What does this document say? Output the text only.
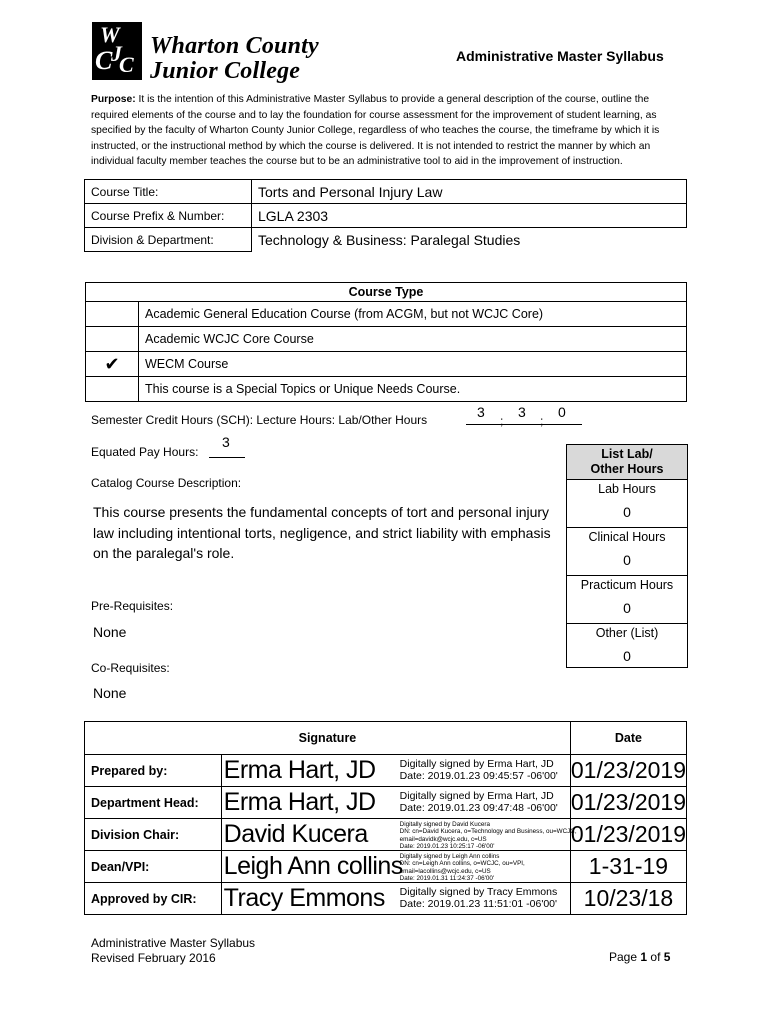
W
C
J
C
Wharton County
Junior College
Administrative Master Syllabus
Purpose: It is the intention of this Administrative Master Syllabus to provide a general description of the course, outline the required elements of the course and to lay the foundation for course assessment for the improvement of student learning, as specified by the faculty of Wharton County Junior College, regardless of who teaches the course, the timeframe by which it is instructed, or the instructional method by which the course is delivered. It is not intended to restrict the manner by which an individual faculty member teaches the course but to be an administrative tool to aid in the improvement of instruction.
Course Title:	Torts and Personal Injury Law
Course Prefix & Number:	LGLA 2303
Division & Department:	Technology & Business: Paralegal Studies
Course Type	
	Academic General Education Course (from ACGM, but not WCJC Core)
	Academic WCJC Core Course
✔	WECM Course
	This course is a Special Topics or Unique Needs Course.
Semester Credit Hours (SCH): Lecture Hours: Lab/Other Hours	3
;
3
;
0
Equated Pay Hours:
3
Catalog Course Description:
This course presents the fundamental concepts of tort and personal injury law including intentional torts, negligence, and strict liability with emphasis on the paralegal's role.
Pre-Requisites:
None
Co-Requisites:
None
List Lab/
Other Hours
Lab Hours
0
Clinical Hours
0
Practicum Hours
0
Other (List)
0
Signature		Date
Prepared by:	Erma Hart, JD Digitally signed by Erma Hart, JD
Date: 2019.01.23 09:45:57 -06'00'	01/23/2019
Department Head:	Erma Hart, JD Digitally signed by Erma Hart, JD
Date: 2019.01.23 09:47:48 -06'00'	01/23/2019
Division Chair:	David Kucera Digitally signed by David Kucera
DN: cn=David Kucera, o=Technology and Business, ou=WCJC,
email=davidk@wcjc.edu, c=US
Date: 2019.01.23 10:25:17 -06'00'	01/23/2019
Dean/VPI:	Leigh Ann collins
Digitally signed by Leigh Ann collins
DN: cn=Leigh Ann collins, o=WCJC, ou=VPI,
email=lacollins@wcjc.edu, c=US
Date: 2019.01.31 11:24:37 -06'00'	1-31-19
Approved by CIR:	Tracy Emmons Digitally signed by Tracy Emmons
Date: 2019.01.23 11:51:01 -06'00'	10/23/18
Administrative Master Syllabus
Revised February 2016	Page 1 of 5
